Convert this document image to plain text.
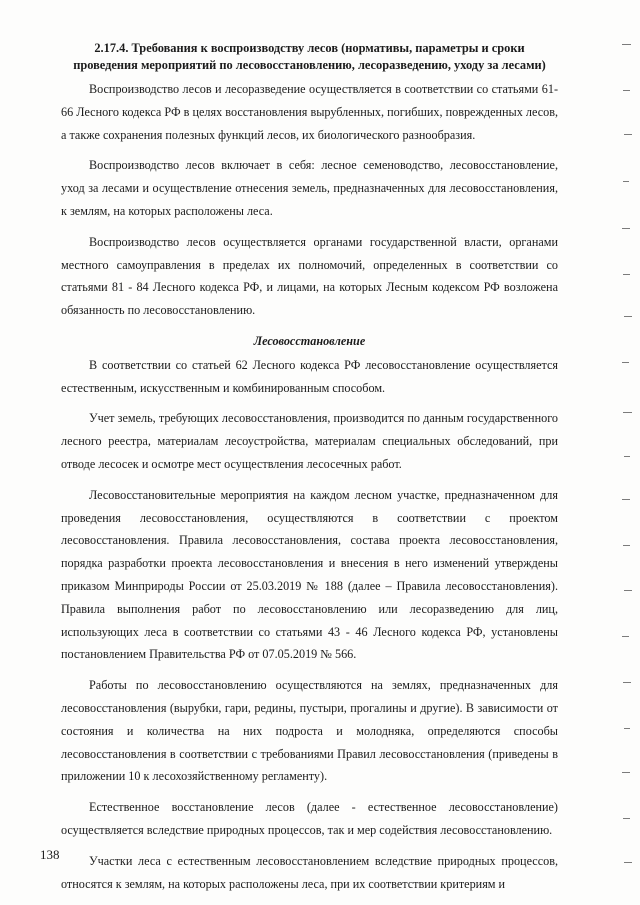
2.17.4. Требования к воспроизводству лесов (нормативы, параметры и сроки проведения мероприятий по лесовосстановлению, лесоразведению, уходу за лесами)

Воспроизводство лесов и лесоразведение осуществляется в соответствии со статьями 61-66 Лесного кодекса РФ в целях восстановления вырубленных, погибших, поврежденных лесов, а также сохранения полезных функций лесов, их биологического разнообразия.

Воспроизводство лесов включает в себя: лесное семеноводство, лесовосстановление, уход за лесами и осуществление отнесения земель, предназначенных для лесовосстановления, к землям, на которых расположены леса.

Воспроизводство лесов осуществляется органами государственной власти, органами местного самоуправления в пределах их полномочий, определенных в соответствии со статьями 81 - 84 Лесного кодекса РФ, и лицами, на которых Лесным кодексом РФ возложена обязанность по лесовосстановлению.

Лесовосстановление

В соответствии со статьей 62 Лесного кодекса РФ лесовосстановление осуществляется естественным, искусственным и комбинированным способом.

Учет земель, требующих лесовосстановления, производится по данным государственного лесного реестра, материалам лесоустройства, материалам специальных обследований, при отводе лесосек и осмотре мест осуществления лесосечных работ.

Лесовосстановительные мероприятия на каждом лесном участке, предназначенном для проведения лесовосстановления, осуществляются в соответствии с проектом лесовосстановления. Правила лесовосстановления, состава проекта лесовосстановления, порядка разработки проекта лесовосстановления и внесения в него изменений утверждены приказом Минприроды России от 25.03.2019 № 188 (далее – Правила лесовосстановления). Правила выполнения работ по лесовосстановлению или лесоразведению для лиц, использующих леса в соответствии со статьями 43 - 46 Лесного кодекса РФ, установлены постановлением Правительства РФ от 07.05.2019 № 566.

Работы по лесовосстановлению осуществляются на землях, предназначенных для лесовосстановления (вырубки, гари, редины, пустыри, прогалины и другие). В зависимости от состояния и количества на них подроста и молодняка, определяются способы лесовосстановления в соответствии с требованиями Правил лесовосстановления (приведены в приложении 10 к лесохозяйственному регламенту).

Естественное восстановление лесов (далее - естественное лесовосстановление) осуществляется вследствие природных процессов, так и мер содействия лесовосстановлению.

Участки леса с естественным лесовосстановлением вследствие природных процессов, относятся к землям, на которых расположены леса, при их соответствии критериям и

138
